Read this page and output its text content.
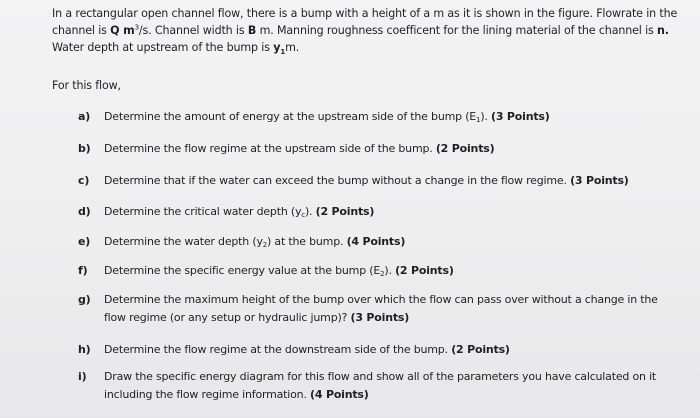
In a rectangular open channel flow, there is a bump with a height of a m as it is shown in the figure. Flowrate in the channel is Q $m^3/s$. Channel width is B m. Manning roughness coefficent for the lining material of the channel is n. Water depth at upstream of the bump is $y_1m$.

For this flow,
a)	Determine the amount of energy at the upstream side of the bump (E1). (3 Points)
b)	Determine the flow regime at the upstream side of the bump. (2 Points)
c)	Determine that if the water can exceed the bump without a change in the flow regime. (3 Points)
d)	Determine the critical water depth (yc). (2 Points)
e)	Determine the water depth (y2) at the bump. (4 Points)
f)	Determine the specific energy value at the bump (E2). (2 Points)
g)	Determine the maximum height of the bump over which the flow can pass over without a change in the flow regime (or any setup or hydraulic jump)? (3 Points)
h)	Determine the flow regime at the downstream side of the bump. (2 Points)
i)	Draw the specific energy diagram for this flow and show all of the parameters you have calculated on it including the flow regime information. (4 Points)
